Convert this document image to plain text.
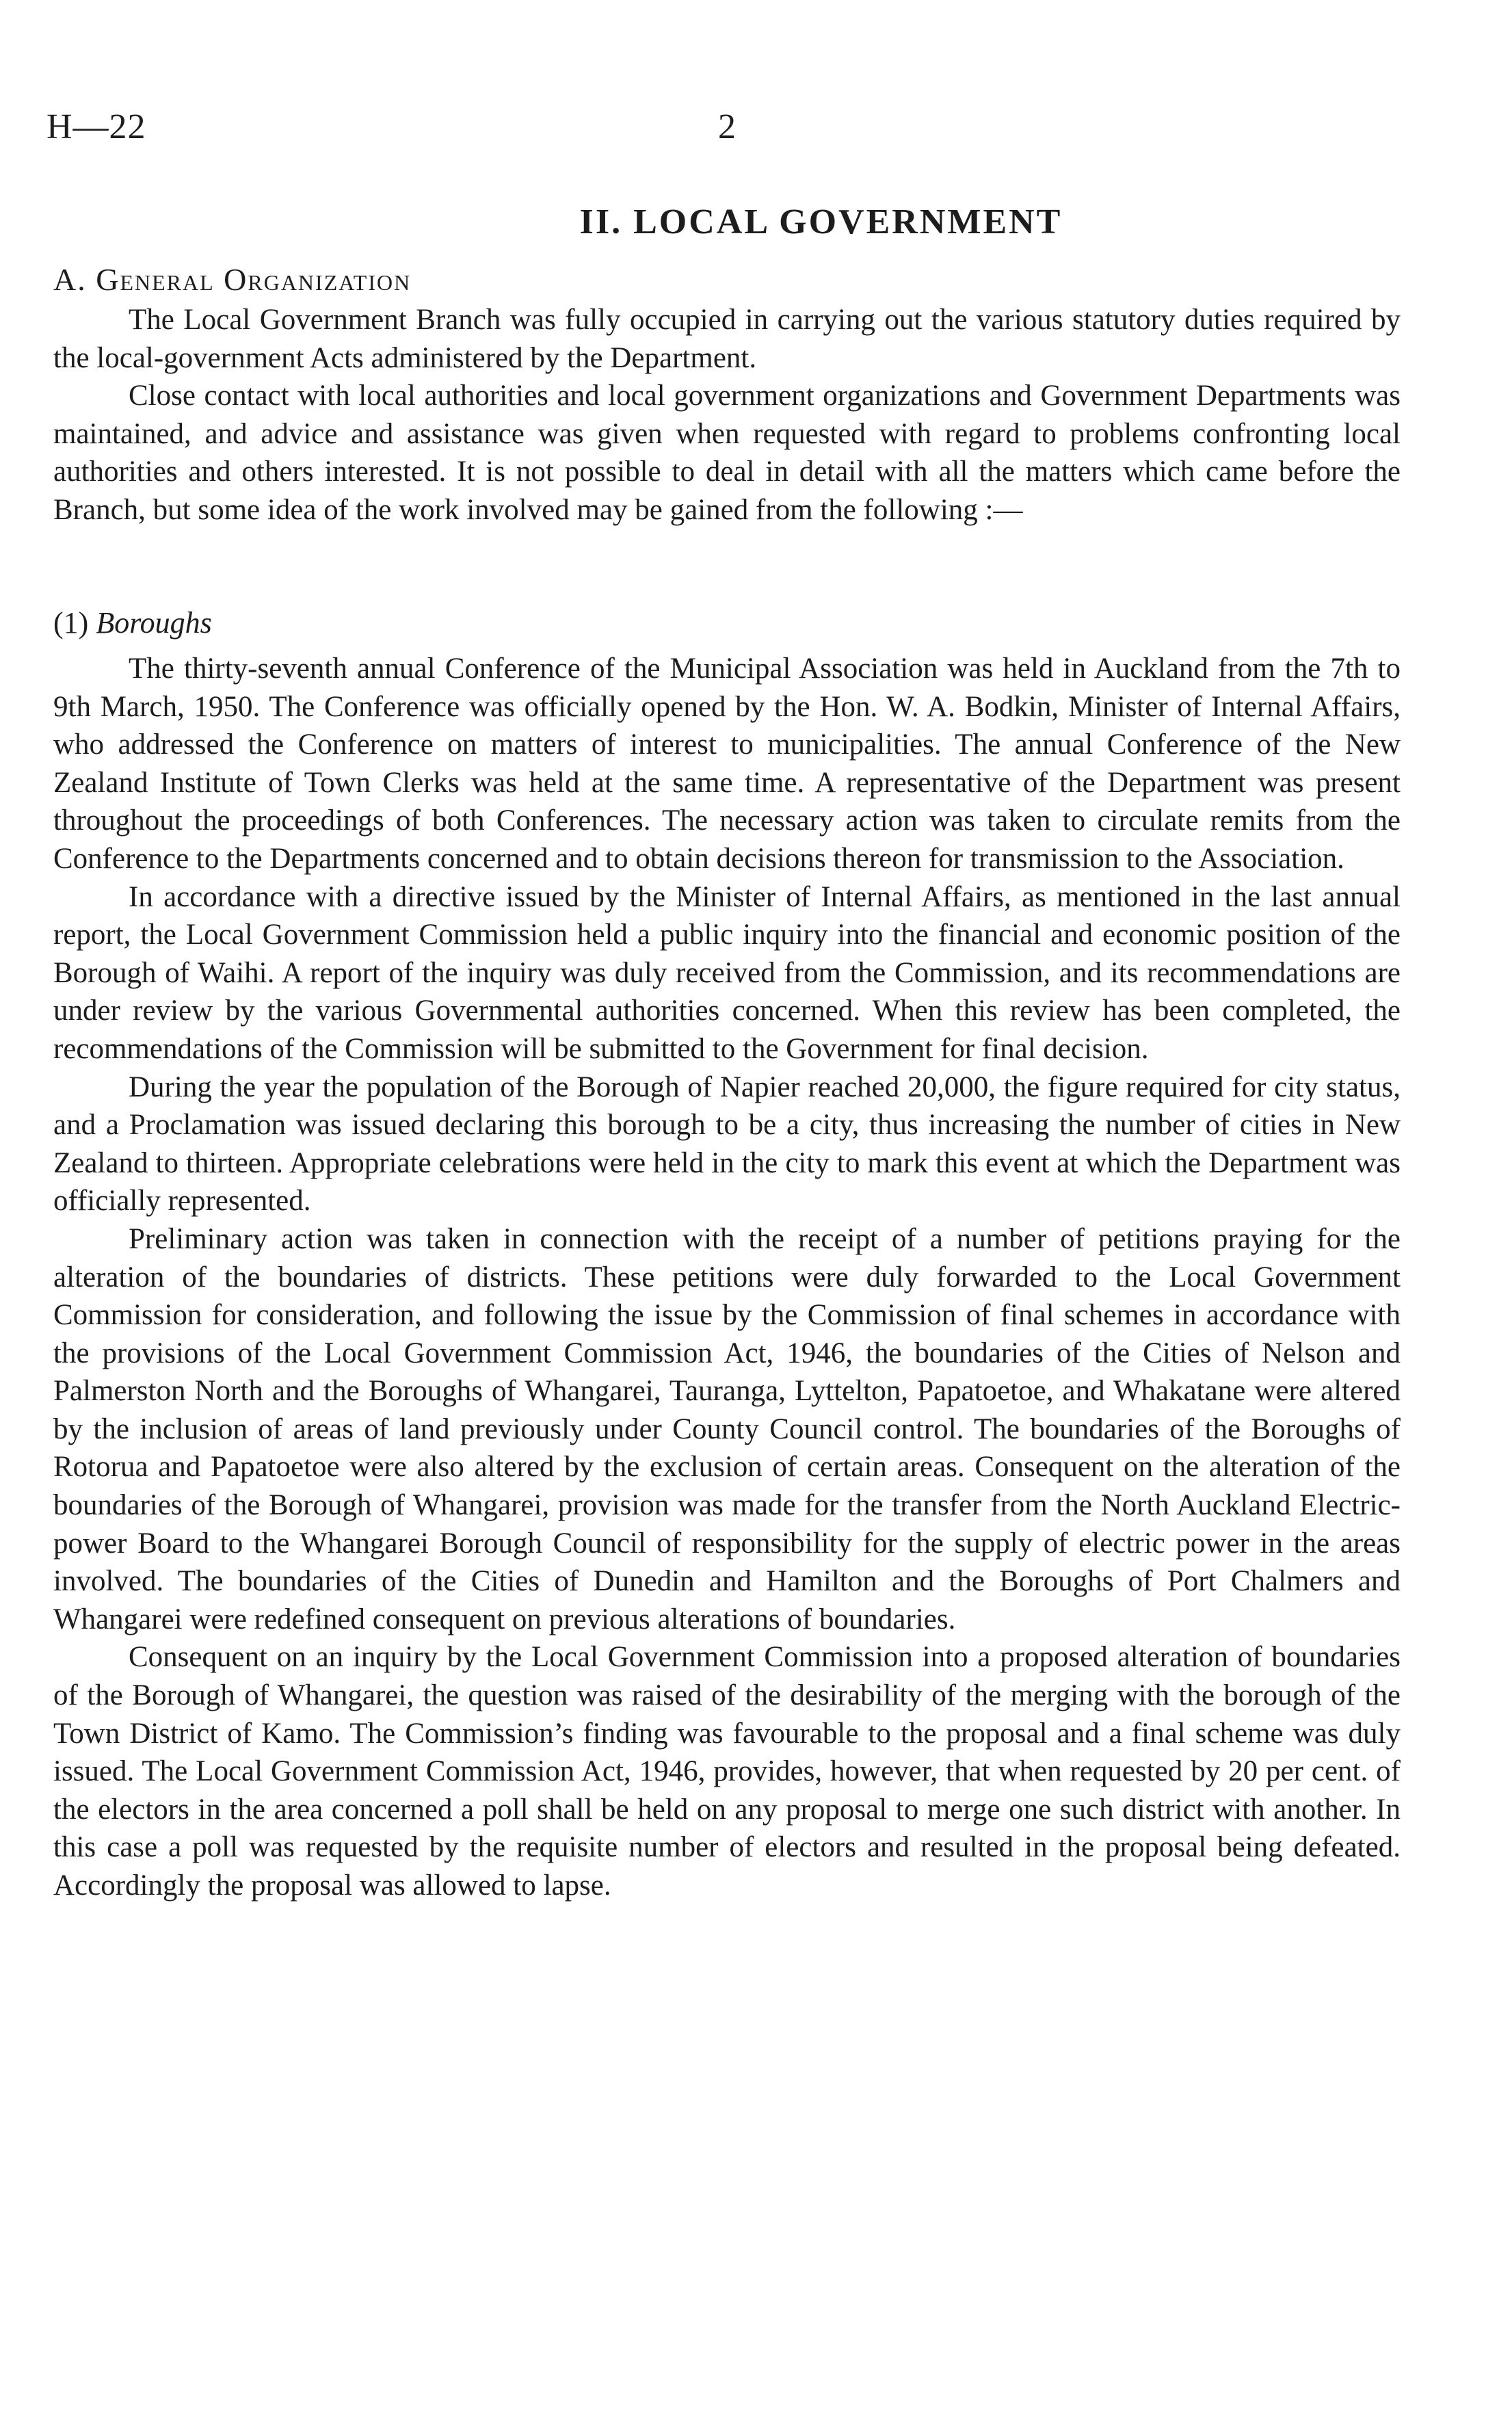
H—22	2
II. LOCAL GOVERNMENT
A. General Organization

The Local Government Branch was fully occupied in carrying out the various statutory duties required by the local-government Acts administered by the Department.

Close contact with local authorities and local government organizations and Government Departments was maintained, and advice and assistance was given when requested with regard to problems confronting local authorities and others interested. It is not possible to deal in detail with all the matters which came before the Branch, but some idea of the work involved may be gained from the following :—

(1) Boroughs

The thirty-seventh annual Conference of the Municipal Association was held in Auckland from the 7th to 9th March, 1950. The Conference was officially opened by the Hon. W. A. Bodkin, Minister of Internal Affairs, who addressed the Conference on matters of interest to municipalities. The annual Conference of the New Zealand Institute of Town Clerks was held at the same time. A representative of the Department was present throughout the proceedings of both Conferences. The necessary action was taken to circulate remits from the Conference to the Departments concerned and to obtain decisions thereon for transmission to the Association.

In accordance with a directive issued by the Minister of Internal Affairs, as mentioned in the last annual report, the Local Government Commission held a public inquiry into the financial and economic position of the Borough of Waihi. A report of the inquiry was duly received from the Commission, and its recommendations are under review by the various Governmental authorities concerned. When this review has been completed, the recommendations of the Commission will be submitted to the Government for final decision.

During the year the population of the Borough of Napier reached 20,000, the figure required for city status, and a Proclamation was issued declaring this borough to be a city, thus increasing the number of cities in New Zealand to thirteen. Appropriate celebrations were held in the city to mark this event at which the Department was officially represented.

Preliminary action was taken in connection with the receipt of a number of petitions praying for the alteration of the boundaries of districts. These petitions were duly forwarded to the Local Government Commission for consideration, and following the issue by the Commission of final schemes in accordance with the provisions of the Local Government Commission Act, 1946, the boundaries of the Cities of Nelson and Palmerston North and the Boroughs of Whangarei, Tauranga, Lyttelton, Papatoetoe, and Whakatane were altered by the inclusion of areas of land previously under County Council control. The boundaries of the Boroughs of Rotorua and Papatoetoe were also altered by the exclusion of certain areas. Consequent on the alteration of the boundaries of the Borough of Whangarei, provision was made for the transfer from the North Auckland Electric-power Board to the Whangarei Borough Council of responsibility for the supply of electric power in the areas involved. The boundaries of the Cities of Dunedin and Hamilton and the Boroughs of Port Chalmers and Whangarei were redefined consequent on previous alterations of boundaries.

Consequent on an inquiry by the Local Government Commission into a proposed alteration of boundaries of the Borough of Whangarei, the question was raised of the desirability of the merging with the borough of the Town District of Kamo. The Commission’s finding was favourable to the proposal and a final scheme was duly issued. The Local Government Commission Act, 1946, provides, however, that when requested by 20 per cent. of the electors in the area concerned a poll shall be held on any proposal to merge one such district with another. In this case a poll was requested by the requisite number of electors and resulted in the proposal being defeated. Accordingly the proposal was allowed to lapse.
